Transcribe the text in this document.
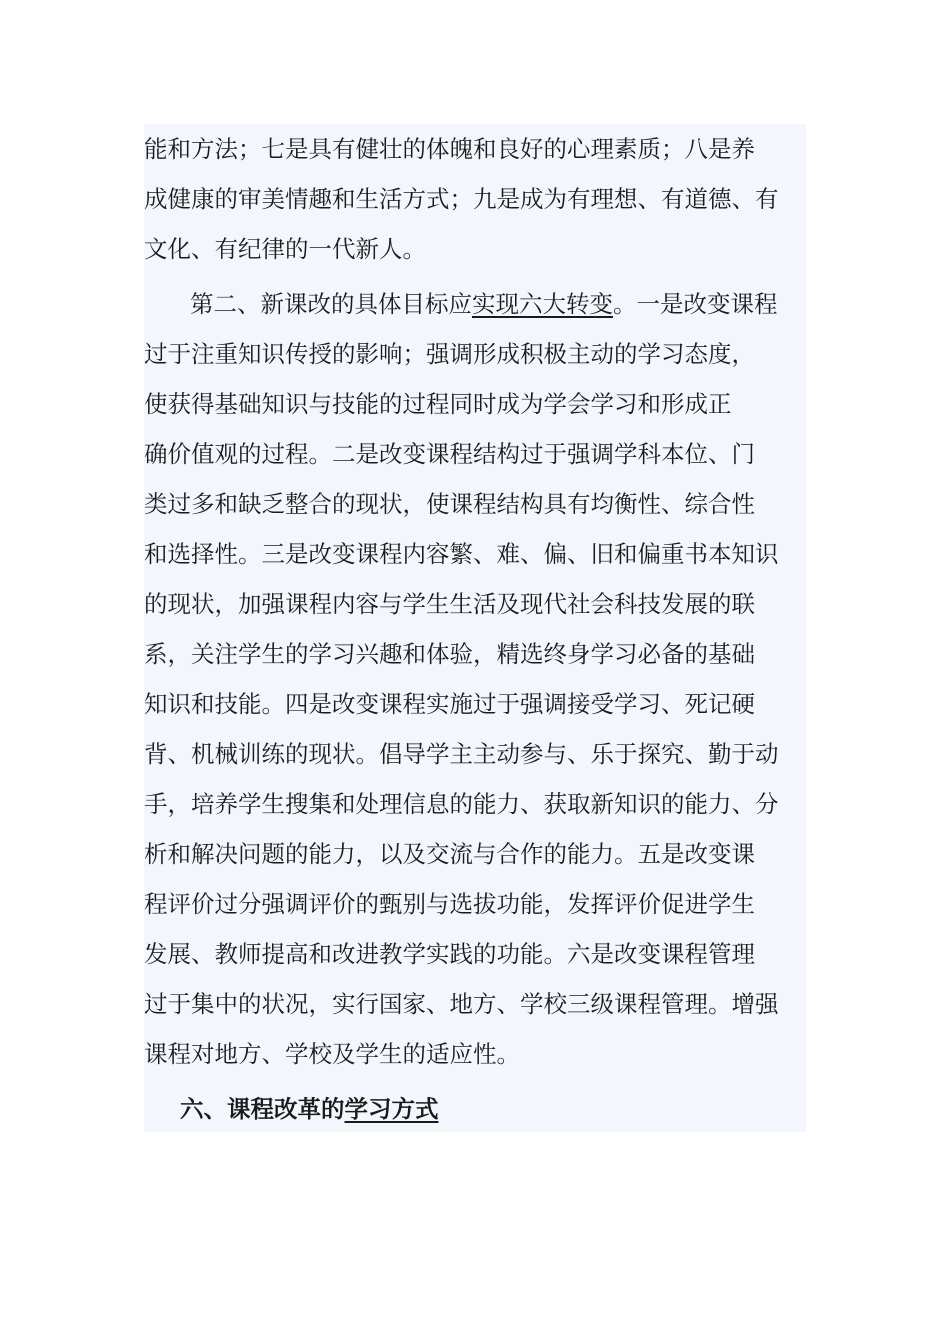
能和方法；七是具有健壮的体魄和良好的心理素质；八是养
成健康的审美情趣和生活方式；九是成为有理想、有道德、有
文化、有纪律的一代新人。
第二、新课改的具体目标应实现六大转变。一是改变课程
过于注重知识传授的影响；强调形成积极主动的学习态度，
使获得基础知识与技能的过程同时成为学会学习和形成正
确价值观的过程。二是改变课程结构过于强调学科本位、门
类过多和缺乏整合的现状，使课程结构具有均衡性、综合性
和选择性。三是改变课程内容繁、难、偏、旧和偏重书本知识
的现状，加强课程内容与学生生活及现代社会科技发展的联
系，关注学生的学习兴趣和体验，精选终身学习必备的基础
知识和技能。四是改变课程实施过于强调接受学习、死记硬
背、机械训练的现状。倡导学主主动参与、乐于探究、勤于动
手，培养学生搜集和处理信息的能力、获取新知识的能力、分
析和解决问题的能力，以及交流与合作的能力。五是改变课
程评价过分强调评价的甄别与选拔功能，发挥评价促进学生
发展、教师提高和改进教学实践的功能。六是改变课程管理
过于集中的状况，实行国家、地方、学校三级课程管理。增强
课程对地方、学校及学生的适应性。
六、课程改革的学习方式
